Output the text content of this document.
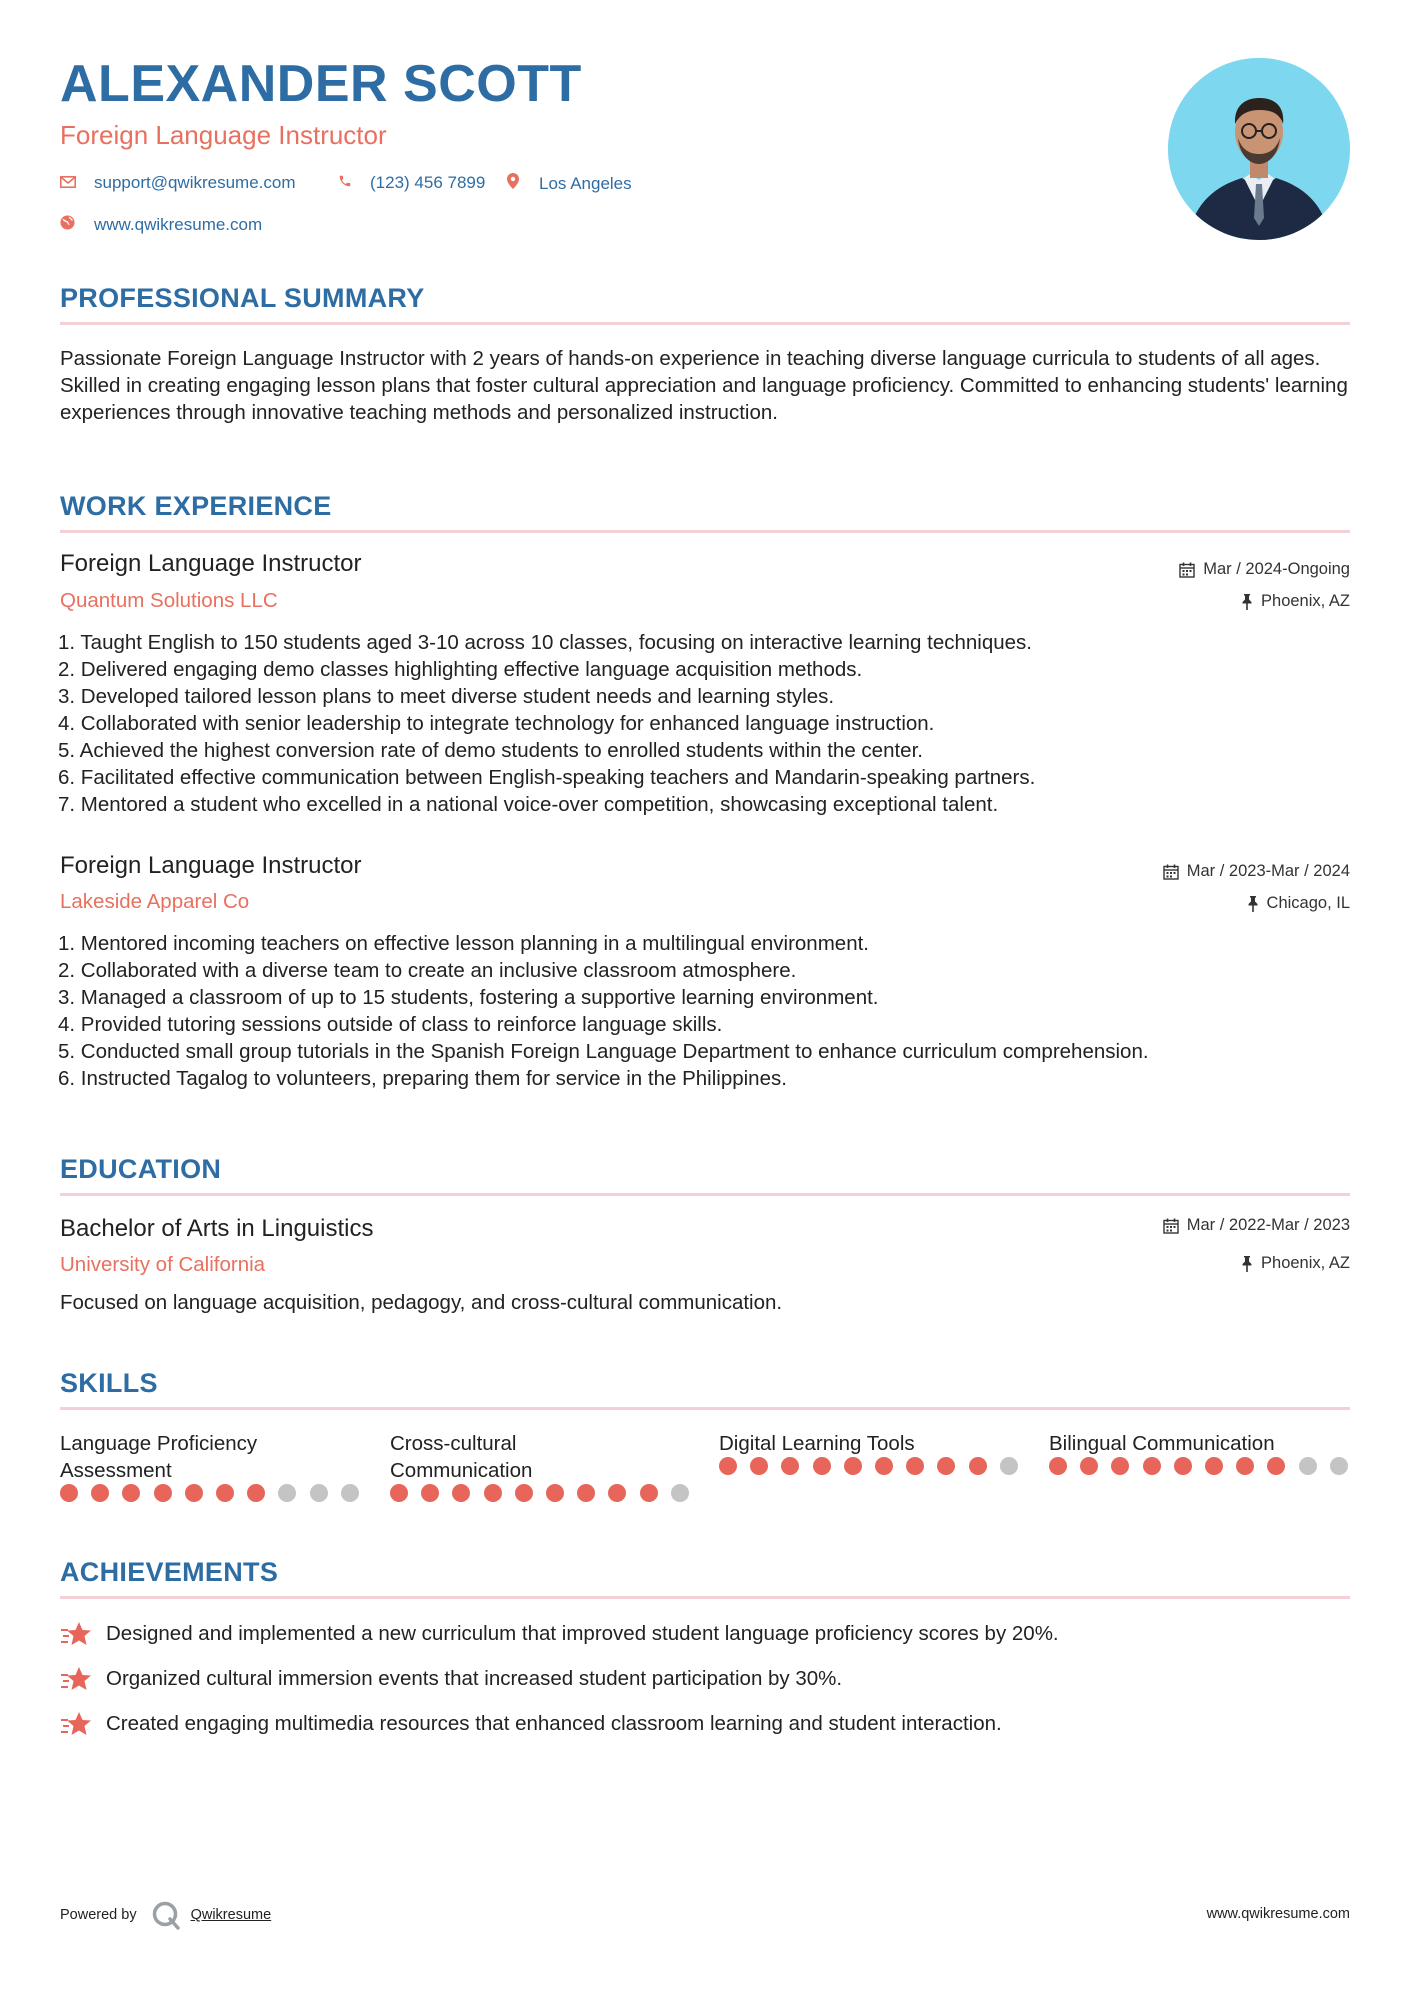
ALEXANDER SCOTT
Foreign Language Instructor
support@qwikresume.com	(123) 456 7899	Los Angeles
www.qwikresume.com
PROFESSIONAL SUMMARY

Passionate Foreign Language Instructor with 2 years of hands-on experience in teaching diverse language curricula to students of all ages. Skilled in creating engaging lesson plans that foster cultural appreciation and language proficiency. Committed to enhancing students' learning experiences through innovative teaching methods and personalized instruction.

WORK EXPERIENCE
Foreign Language Instructor
Quantum Solutions LLC
Mar / 2024-Ongoing
Phoenix, AZ
1. Taught English to 150 students aged 3-10 across 10 classes, focusing on interactive learning techniques.
2. Delivered engaging demo classes highlighting effective language acquisition methods.
3. Developed tailored lesson plans to meet diverse student needs and learning styles.
4. Collaborated with senior leadership to integrate technology for enhanced language instruction.
5. Achieved the highest conversion rate of demo students to enrolled students within the center.
6. Facilitated effective communication between English-speaking teachers and Mandarin-speaking partners.
7. Mentored a student who excelled in a national voice-over competition, showcasing exceptional talent.
Foreign Language Instructor
Lakeside Apparel Co
Mar / 2023-Mar / 2024
Chicago, IL
1. Mentored incoming teachers on effective lesson planning in a multilingual environment.
2. Collaborated with a diverse team to create an inclusive classroom atmosphere.
3. Managed a classroom of up to 15 students, fostering a supportive learning environment.
4. Provided tutoring sessions outside of class to reinforce language skills.
5. Conducted small group tutorials in the Spanish Foreign Language Department to enhance curriculum comprehension.
6. Instructed Tagalog to volunteers, preparing them for service in the Philippines.
EDUCATION
Bachelor of Arts in Linguistics
University of California
Mar / 2022-Mar / 2023
Phoenix, AZ

Focused on language acquisition, pedagogy, and cross-cultural communication.

SKILLS
Language Proficiency
Assessment
Cross-cultural
Communication
Digital Learning Tools	Bilingual Communication
ACHIEVEMENTS
Designed and implemented a new curriculum that improved student language proficiency scores by 20%.
Organized cultural immersion events that increased student participation by 30%.
Created engaging multimedia resources that enhanced classroom learning and student interaction.
Powered by	Qwikresume	www.qwikresume.com
